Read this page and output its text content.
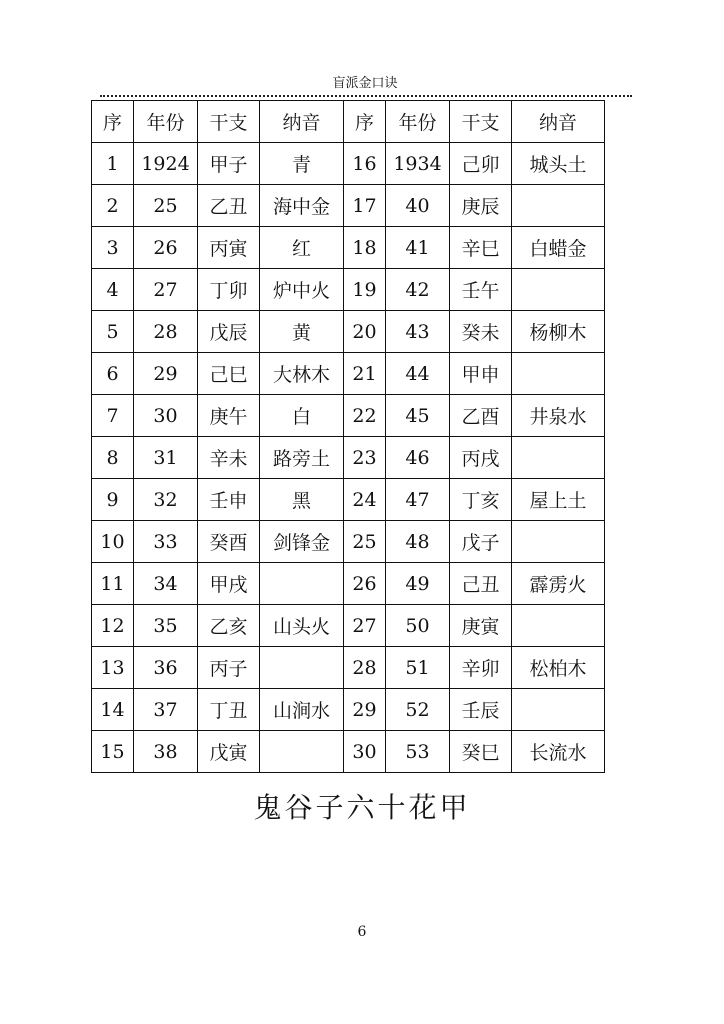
盲派金口诀
序	年份	干支	纳音	序	年份	干支	纳音
1	1924	甲子	青	16	1934	己卯	城头土
2	25	乙丑	海中金	17	40	庚辰	
3	26	丙寅	红	18	41	辛巳	白蜡金
4	27	丁卯	炉中火	19	42	壬午	
5	28	戊辰	黄	20	43	癸未	杨柳木
6	29	己巳	大林木	21	44	甲申	
7	30	庚午	白	22	45	乙酉	井泉水
8	31	辛未	路旁土	23	46	丙戌	
9	32	壬申	黑	24	47	丁亥	屋上土
10	33	癸酉	剑锋金	25	48	戊子	
11	34	甲戌		26	49	己丑	霹雳火
12	35	乙亥	山头火	27	50	庚寅	
13	36	丙子		28	51	辛卯	松柏木
14	37	丁丑	山涧水	29	52	壬辰	
15	38	戊寅		30	53	癸巳	长流水
鬼谷子六十花甲
6
